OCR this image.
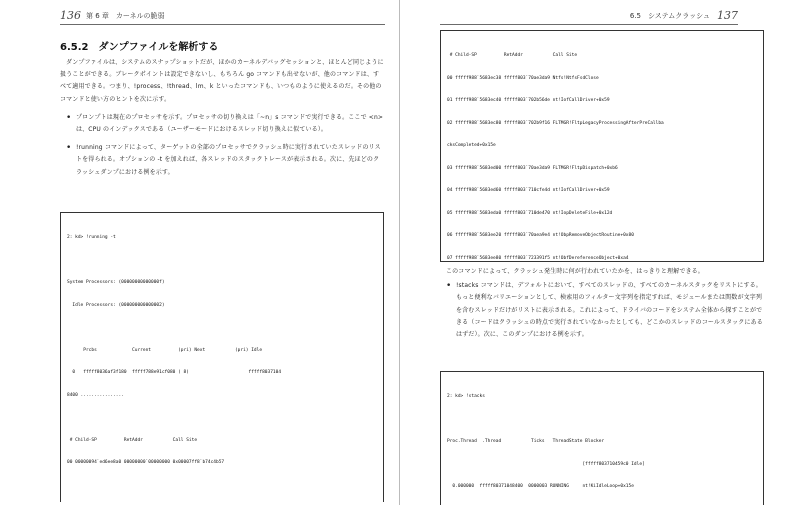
136 第 6 章　カーネルの脆弱
6.5.2　ダンプファイルを解析する

ダンプファイルは、システムのスナップショットだが、ほかのカーネルデバッグセッションと、ほとんど同じように扱うことができる。ブレークポイントは設定できないし、もちろん go コマンドも出せないが、他のコマンドは、すべて適用できる。つまり、!process、!thread、lm、k といったコマンドも、いつものように使えるのだ。その他のコマンドと使い方のヒントを次に示す。

• プロンプトは現在のプロセッサを示す。プロセッサの切り換えは「~n」s コマンドで実行できる。ここで <n> は、CPU のインデックスである（ユーザーモードにおけるスレッド切り換えに似ている）。
• !running コマンドによって、ターゲットの全部のプロセッサでクラッシュ時に実行されていたスレッドのリストを得られる。オプションの -t を加えれば、各スレッドのスタックトレースが表示される。次に、先ほどのクラッシュダンプにおける例を示す。

2: kd> !running -t

System Processors: (00000000000000f)

Idle Processors: (000000000000002)

Prcbs             Current          (pri) Next           (pri) Idle

0   fffff8036af3f180  fffff788e91cf080 ( 8)                      fffff8037104

8400 ................

# Child-SP          RetAddr           Call Site

00 00000094`ed6ee8a0 00000000`00000000 0x00007ff8`b74c4b57

6.5　システムクラッシュ 137

# Child-SP          RetAddr           Call Site

00 fffff988`5683ec38 fffff803`70ae3da9 Ntfs!NtfsFsdClose

01 fffff988`5683ec40 fffff803`702b56de nt!IofCallDriver+0x59

02 fffff988`5683ec80 fffff803`702b9f16 FLTMGR!FltpLegacyProcessingAfterPreCallba

cksCompleted+0x15e

03 fffff988`5683ed00 fffff803`70ae3da9 FLTMGR!FltpDispatch+0xb6

04 fffff988`5683ed60 fffff803`710cfe4d nt!IofCallDriver+0x59

05 fffff988`5683eda0 fffff803`710de470 nt!IopDeleteFile+0x12d

06 fffff988`5683ee20 fffff803`70aea9e4 nt!ObpRemoveObjectRoutine+0x80

07 fffff988`5683ee80 fffff803`723391f5 nt!ObfDereferenceObject+0xa4

このコマンドによって、クラッシュ発生時に何が行われていたかを、はっきりと理解できる。

• !stacks コマンドは、デフォルトにおいて、すべてのスレッドの、すべてのカーネルスタックをリストにする。もっと便利なバリエーションとして、検索用のフィルター文字列を指定すれば、モジュールまたは関数が文字列を含むスレッドだけがリストに表示される。これによって、ドライバのコードをシステム全体から探すことができる（コードはクラッシュの時点で実行されていなかったとしても、どこかのスレッドのコールスタックにあるはずだ）。次に、このダンプにおける例を示す。

2: kd> !stacks

Proc.Thread  .Thread           Ticks   ThreadState Blocker

[fffff803710459c0 Idle]

0.000000  fffff80371048400  0000003 RUNNING     nt!KiIdleLoop+0x15e
